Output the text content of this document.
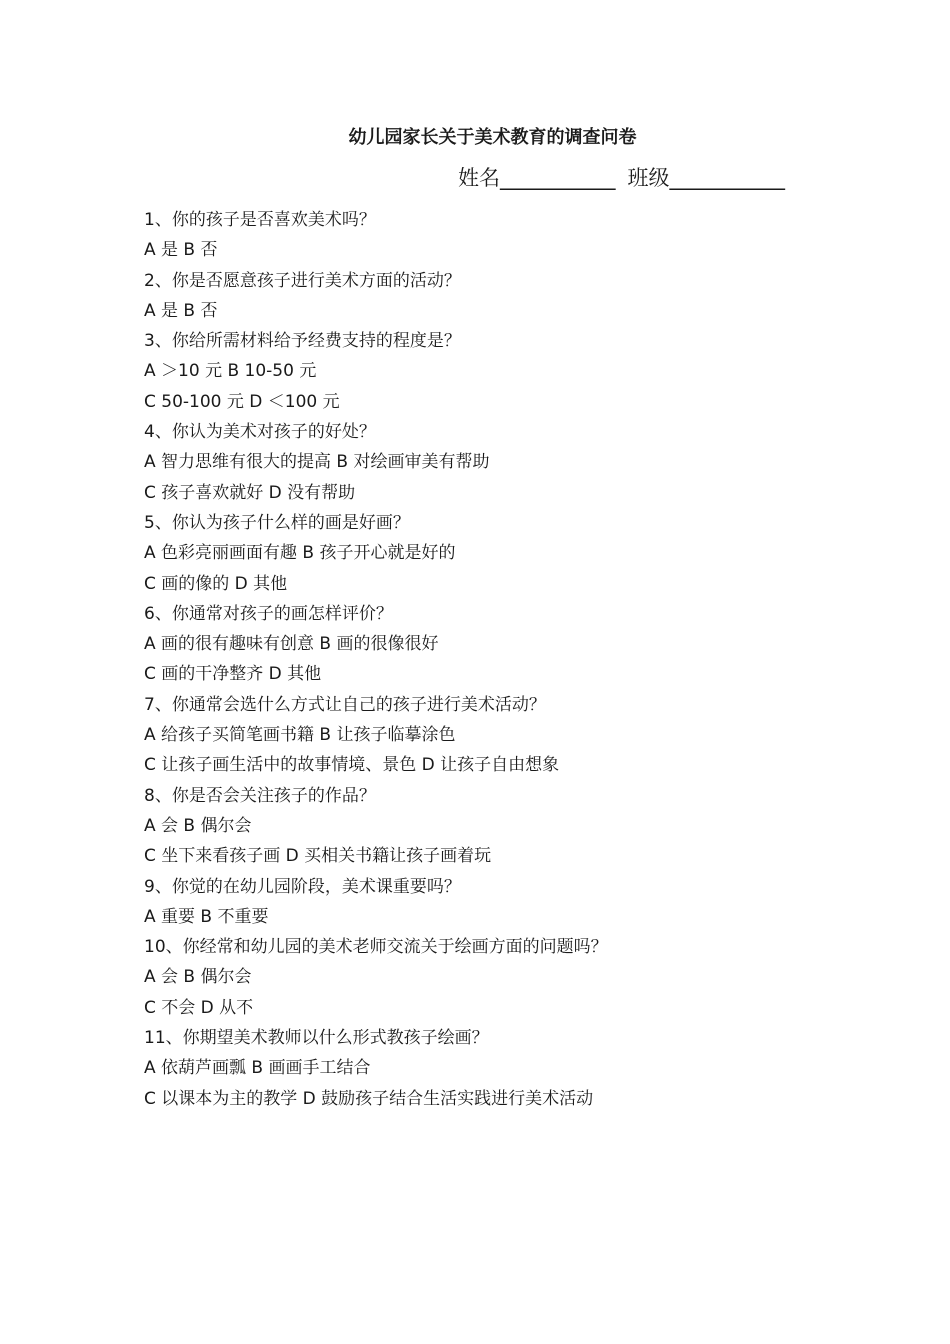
幼儿园家长关于美术教育的调查问卷
姓名___________ 班级___________

1、你的孩子是否喜欢美术吗？

A 是 B 否

2、你是否愿意孩子进行美术方面的活动？

A 是 B 否

3、你给所需材料给予经费支持的程度是？

A ＞10 元 B 10-50 元

C 50-100 元 D ＜100 元

4、你认为美术对孩子的好处？

A 智力思维有很大的提高 B 对绘画审美有帮助

C 孩子喜欢就好 D 没有帮助

5、你认为孩子什么样的画是好画？

A 色彩亮丽画面有趣 B 孩子开心就是好的

C 画的像的 D 其他

6、你通常对孩子的画怎样评价？

A 画的很有趣味有创意 B 画的很像很好

C 画的干净整齐 D 其他

7、你通常会选什么方式让自己的孩子进行美术活动？

A 给孩子买简笔画书籍 B 让孩子临摹涂色

C 让孩子画生活中的故事情境、景色 D 让孩子自由想象

8、你是否会关注孩子的作品？

A 会 B 偶尔会

C 坐下来看孩子画 D 买相关书籍让孩子画着玩

9、你觉的在幼儿园阶段，美术课重要吗？

A 重要 B 不重要

10、你经常和幼儿园的美术老师交流关于绘画方面的问题吗？

A 会 B 偶尔会

C 不会 D 从不

11、你期望美术教师以什么形式教孩子绘画？

A 依葫芦画瓢 B 画画手工结合

C 以课本为主的教学 D 鼓励孩子结合生活实践进行美术活动
